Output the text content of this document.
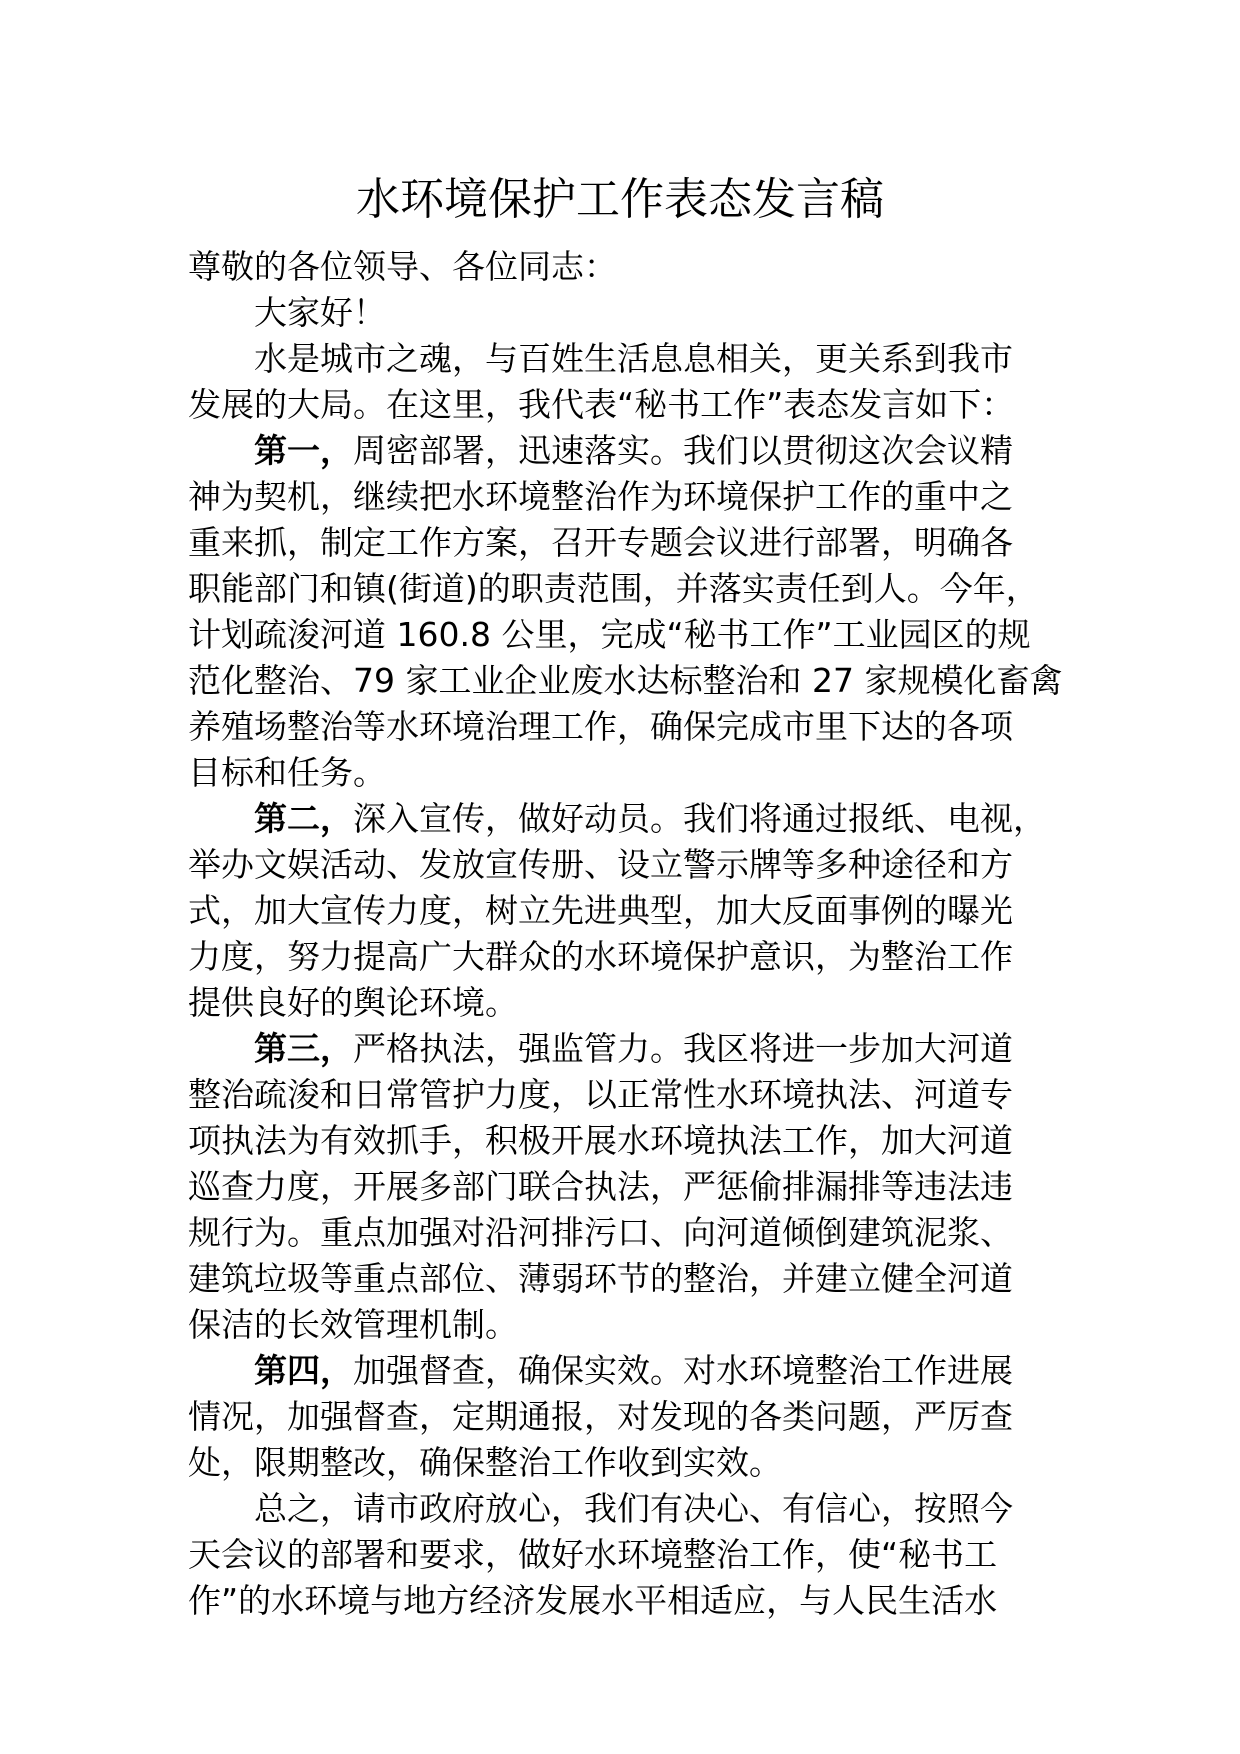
水环境保护工作表态发言稿

尊敬的各位领导、各位同志：

大家好！

水是城市之魂，与百姓生活息息相关，更关系到我市

发展的大局。在这里，我代表“秘书工作”表态发言如下：

第一，周密部署，迅速落实。我们以贯彻这次会议精

神为契机，继续把水环境整治作为环境保护工作的重中之

重来抓，制定工作方案，召开专题会议进行部署，明确各

职能部门和镇(街道)的职责范围，并落实责任到人。今年，

计划疏浚河道 160.8 公里，完成“秘书工作”工业园区的规

范化整治、79 家工业企业废水达标整治和 27 家规模化畜禽

养殖场整治等水环境治理工作，确保完成市里下达的各项

目标和任务。

第二，深入宣传，做好动员。我们将通过报纸、电视，

举办文娱活动、发放宣传册、设立警示牌等多种途径和方

式，加大宣传力度，树立先进典型，加大反面事例的曝光

力度，努力提高广大群众的水环境保护意识，为整治工作

提供良好的舆论环境。

第三，严格执法，强监管力。我区将进一步加大河道

整治疏浚和日常管护力度，以正常性水环境执法、河道专

项执法为有效抓手，积极开展水环境执法工作，加大河道

巡查力度，开展多部门联合执法，严惩偷排漏排等违法违

规行为。重点加强对沿河排污口、向河道倾倒建筑泥浆、

建筑垃圾等重点部位、薄弱环节的整治，并建立健全河道

保洁的长效管理机制。

第四，加强督查，确保实效。对水环境整治工作进展

情况，加强督查，定期通报，对发现的各类问题，严厉查

处，限期整改，确保整治工作收到实效。

总之，请市政府放心，我们有决心、有信心，按照今

天会议的部署和要求，做好水环境整治工作，使“秘书工

作”的水环境与地方经济发展水平相适应，与人民生活水
